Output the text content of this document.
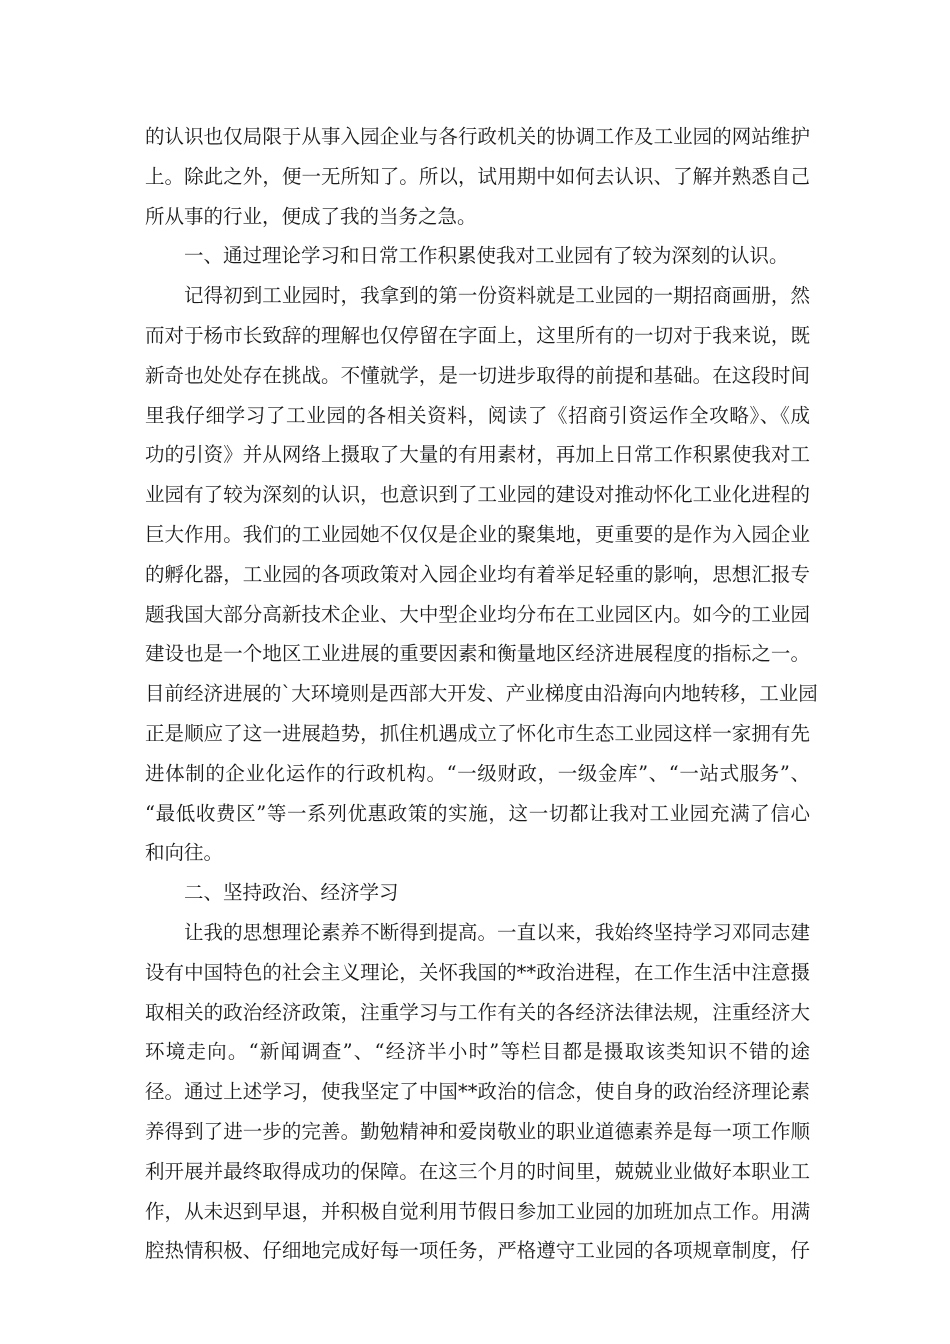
的认识也仅局限于从事入园企业与各行政机关的协调工作及工业园的网站维护
上。除此之外，便一无所知了。所以，试用期中如何去认识、了解并熟悉自己
所从事的行业，便成了我的当务之急。
一、通过理论学习和日常工作积累使我对工业园有了较为深刻的认识。
记得初到工业园时，我拿到的第一份资料就是工业园的一期招商画册，然
而对于杨市长致辞的理解也仅停留在字面上，这里所有的一切对于我来说，既
新奇也处处存在挑战。不懂就学，是一切进步取得的前提和基础。在这段时间
里我仔细学习了工业园的各相关资料，阅读了《招商引资运作全攻略》、《成
功的引资》并从网络上摄取了大量的有用素材，再加上日常工作积累使我对工
业园有了较为深刻的认识，也意识到了工业园的建设对推动怀化工业化进程的
巨大作用。我们的工业园她不仅仅是企业的聚集地，更重要的是作为入园企业
的孵化器，工业园的各项政策对入园企业均有着举足轻重的影响，思想汇报专
题我国大部分高新技术企业、大中型企业均分布在工业园区内。如今的工业园
建设也是一个地区工业进展的重要因素和衡量地区经济进展程度的指标之一。
目前经济进展的`大环境则是西部大开发、产业梯度由沿海向内地转移，工业园
正是顺应了这一进展趋势，抓住机遇成立了怀化市生态工业园这样一家拥有先
进体制的企业化运作的行政机构。“一级财政，一级金库”、“一站式服务”、
“最低收费区”等一系列优惠政策的实施，这一切都让我对工业园充满了信心
和向往。
二、坚持政治、经济学习
让我的思想理论素养不断得到提高。一直以来，我始终坚持学习邓同志建
设有中国特色的社会主义理论，关怀我国的**政治进程，在工作生活中注意摄
取相关的政治经济政策，注重学习与工作有关的各经济法律法规，注重经济大
环境走向。“新闻调查”、“经济半小时”等栏目都是摄取该类知识不错的途
径。通过上述学习，使我坚定了中国**政治的信念，使自身的政治经济理论素
养得到了进一步的完善。勤勉精神和爱岗敬业的职业道德素养是每一项工作顺
利开展并最终取得成功的保障。在这三个月的时间里，兢兢业业做好本职业工
作，从未迟到早退，并积极自觉利用节假日参加工业园的加班加点工作。用满
腔热情积极、仔细地完成好每一项任务，严格遵守工业园的各项规章制度，仔
